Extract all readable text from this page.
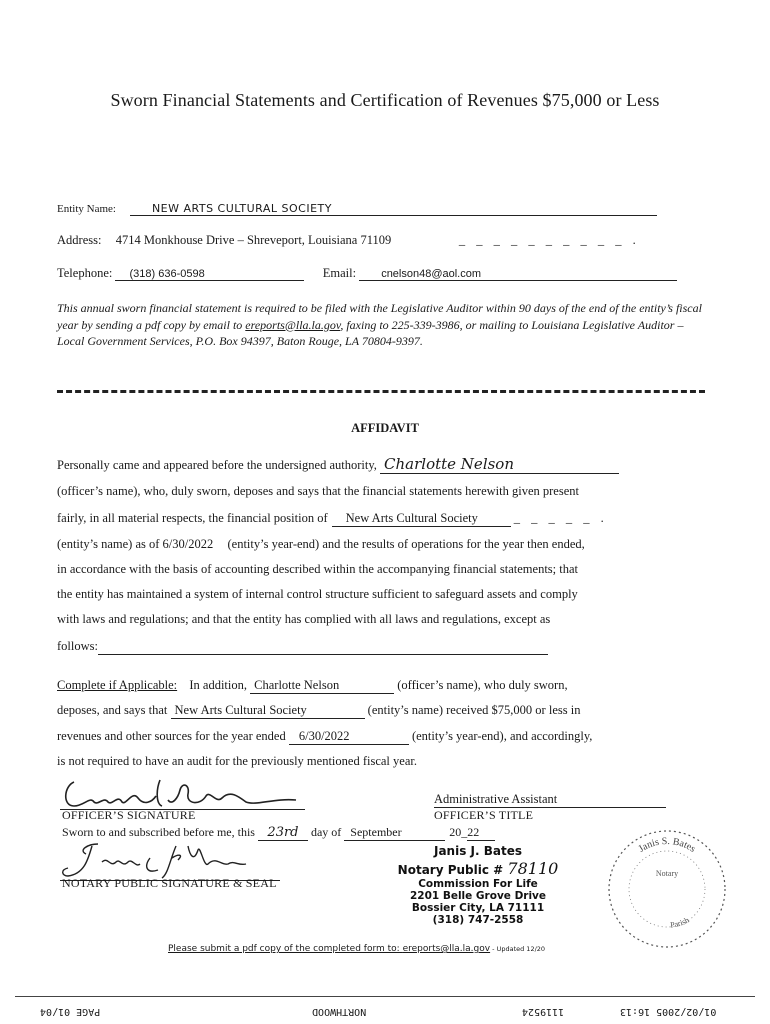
Sworn Financial Statements and Certification of Revenues $75,000 or Less
Entity Name:	NEW ARTS CULTURAL SOCIETY
Address: 4714 Monkhouse Drive – Shreveport, Louisiana 71109	_ _ _ _ _ _ _ _ _ _ .
Telephone: (318) 636-0598	Email: cnelson48@aol.com
This annual sworn financial statement is required to be filed with the Legislative Auditor within 90 days of the end of the entity’s fiscal year by sending a pdf copy by email to ereports@lla.la.gov, faxing to 225-339-3986, or mailing to Louisiana Legislative Auditor – Local Government Services, P.O. Box 94397, Baton Rouge, LA 70804-9397.
AFFIDAVIT
Personally came and appeared before the undersigned authority, Charlotte Nelson
(officer’s name), who, duly sworn, deposes and says that the financial statements herewith given present
fairly, in all material respects, the financial position of New Arts Cultural Society	_ _ _ _ _ .
(entity’s name) as of 6/30/2022 (entity’s year-end) and the results of operations for the year then ended,
in accordance with the basis of accounting described within the accompanying financial statements; that
the entity has maintained a system of internal control structure sufficient to safeguard assets and comply
with laws and regulations; and that the entity has complied with all laws and regulations, except as
follows:
Complete if Applicable: In addition, Charlotte Nelson	(officer’s name), who duly sworn,
deposes, and says that New Arts Cultural Society	(entity’s name) received $75,000 or less in
revenues and other sources for the year ended 6/30/2022	(entity’s year-end), and accordingly,
is not required to have an audit for the previously mentioned fiscal year.
OFFICER’S SIGNATURE
Administrative Assistant
OFFICER’S TITLE
Sworn to and subscribed before me, this 23rd day of September	20_22
NOTARY PUBLIC SIGNATURE & SEAL
Janis J. Bates
Notary Public # 78110
Commission For Life
2201 Belle Grove Drive
Bossier City, LA 71111
(318) 747-2558
Janis S. Bates
Notary
Parish
Please submit a pdf copy of the completed form to: ereports@lla.la.gov - Updated 12/20
01/02/2005 16:13
1119524
NORTHWOOD
PAGE 01/04
